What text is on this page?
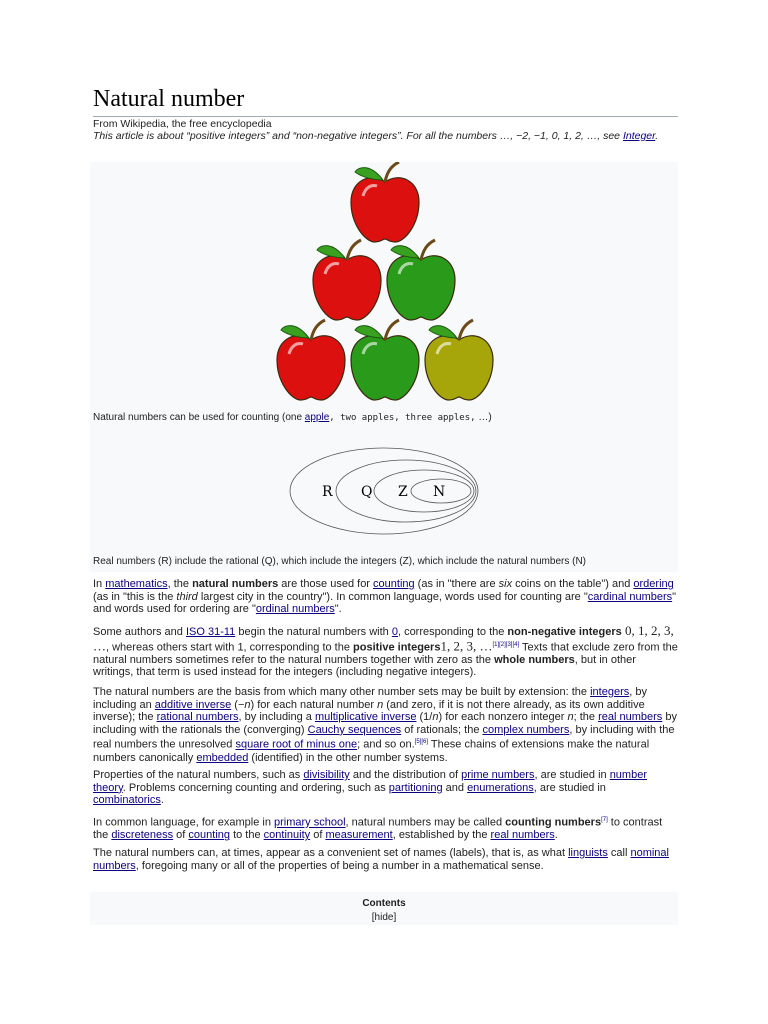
Natural number
From Wikipedia, the free encyclopedia
This article is about “positive integers” and “non-negative integers”. For all the numbers …, −2, −1, 0, 1, 2, …, see Integer.
Natural numbers can be used for counting (one apple, two apples, three apples, …)
R Q Z N
Real numbers (R) include the rational (Q), which include the integers (Z), which include the natural numbers (N)

In mathematics, the natural numbers are those used for counting (as in "there are six coins on the table") and ordering (as in "this is the third largest city in the country"). In common language, words used for counting are "cardinal numbers" and words used for ordering are "ordinal numbers".

Some authors and ISO 31-11 begin the natural numbers with 0, corresponding to the non-negative integers 0, 1, 2, 3, …, whereas others start with 1, corresponding to the positive integers1, 2, 3, …[1][2][3][4] Texts that exclude zero from the natural numbers sometimes refer to the natural numbers together with zero as the whole numbers, but in other writings, that term is used instead for the integers (including negative integers).

The natural numbers are the basis from which many other number sets may be built by extension: the integers, by including an additive inverse (−n) for each natural number n (and zero, if it is not there already, as its own additive inverse); the rational numbers, by including a multiplicative inverse (1/n) for each nonzero integer n; the real numbers by including with the rationals the (converging) Cauchy sequences of rationals; the complex numbers, by including with the real numbers the unresolved square root of minus one; and so on.[5][6] These chains of extensions make the natural numbers canonically embedded (identified) in the other number systems.

Properties of the natural numbers, such as divisibility and the distribution of prime numbers, are studied in number theory. Problems concerning counting and ordering, such as partitioning and enumerations, are studied in combinatorics.

In common language, for example in primary school, natural numbers may be called counting numbers[7] to contrast the discreteness of counting to the continuity of measurement, established by the real numbers.

The natural numbers can, at times, appear as a convenient set of names (labels), that is, as what linguists call nominal numbers, foregoing many or all of the properties of being a number in a mathematical sense.

Contents
[hide]
